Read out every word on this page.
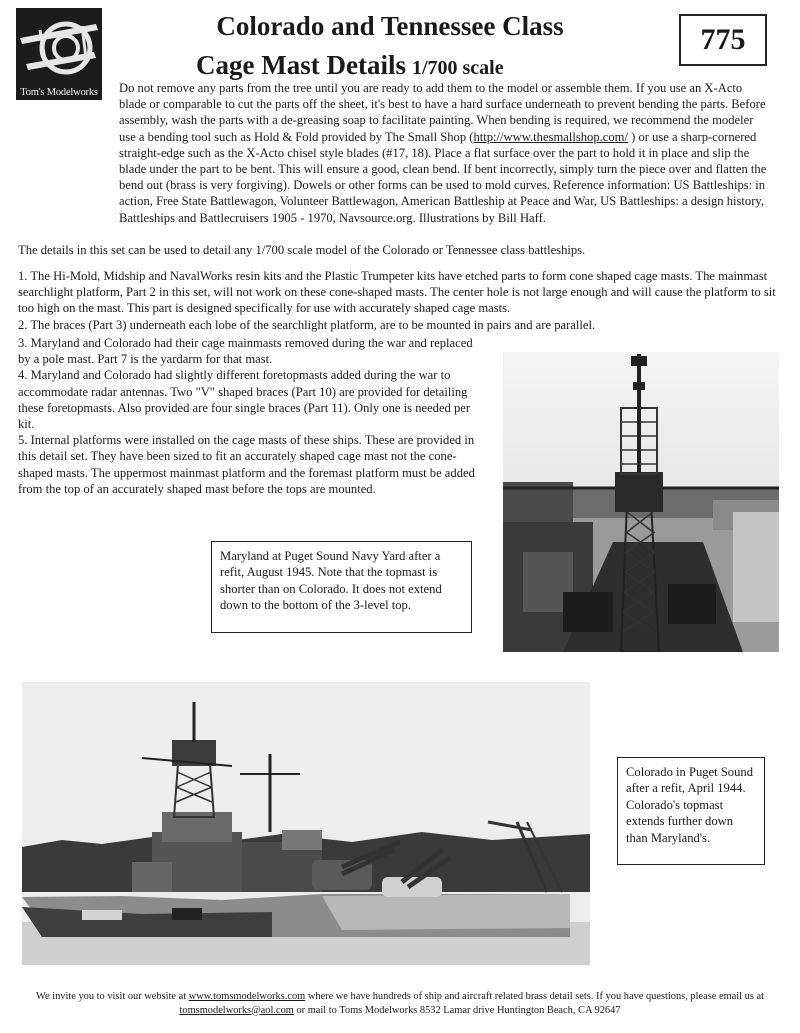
Tom's Modelworks
Colorado and Tennessee Class
Cage Mast Details 1/700 scale
775
Do not remove any parts from the tree until you are ready to add them to the model or assemble them. If you use an X-Acto blade or comparable to cut the parts off the sheet, it's best to have a hard surface underneath to prevent bending the parts. Before assembly, wash the parts with a de-greasing soap to facilitate painting. When bending is required, we recommend the modeler use a bending tool such as Hold & Fold provided by The Small Shop (http://www.thesmallshop.com/ ) or use a sharp-cornered straight-edge such as the X-Acto chisel style blades (#17, 18). Place a flat surface over the part to hold it in place and slip the blade under the part to be bent. This will ensure a good, clean bend. If bent incorrectly, simply turn the piece over and flatten the bend out (brass is very forgiving). Dowels or other forms can be used to mold curves. Reference information: US Battleships: in action, Free State Battlewagon, Volunteer Battlewagon, American Battleship at Peace and War, US Battleships: a design history, Battleships and Battlecruisers 1905 - 1970, Navsource.org. Illustrations by Bill Haff.
The details in this set can be used to detail any 1/700 scale model of the Colorado or Tennessee class battleships.

1. The Hi-Mold, Midship and NavalWorks resin kits and the Plastic Trumpeter kits have etched parts to form cone shaped cage masts. The mainmast searchlight platform, Part 2 in this set, will not work on these cone-shaped masts. The center hole is not large enough and will cause the platform to sit too high on the mast. This part is designed specifically for use with accurately shaped cage masts.

2. The braces (Part 3) underneath each lobe of the searchlight platform, are to be mounted in pairs and are parallel.

3. Maryland and Colorado had their cage mainmasts removed during the war and replaced by a pole mast. Part 7 is the yardarm for that mast.

4. Maryland and Colorado had slightly different foretopmasts added during the war to accommodate radar antennas. Two "V" shaped braces (Part 10) are provided for detailing these foretopmasts. Also provided are four single braces (Part 11). Only one is needed per kit.

5. Internal platforms were installed on the cage masts of these ships. These are provided in this detail set. They have been sized to fit an accurately shaped cage mast not the cone-shaped masts. The uppermost mainmast platform and the foremast platform must be added from the top of an accurately shaped mast before the tops are mounted.

Maryland at Puget Sound Navy Yard after a refit, August 1945. Note that the topmast is shorter than on Colorado. It does not extend down to the bottom of the 3-level top.
Colorado in Puget Sound after a refit, April 1944. Colorado's topmast extends further down than Maryland's.
We invite you to visit our website at www.tomsmodelworks.com where we have hundreds of ship and aircraft related brass detail sets. If you have questions, please email us at
tomsmodelworks@aol.com or mail to Toms Modelworks 8532 Lamar drive Huntington Beach, CA 92647
